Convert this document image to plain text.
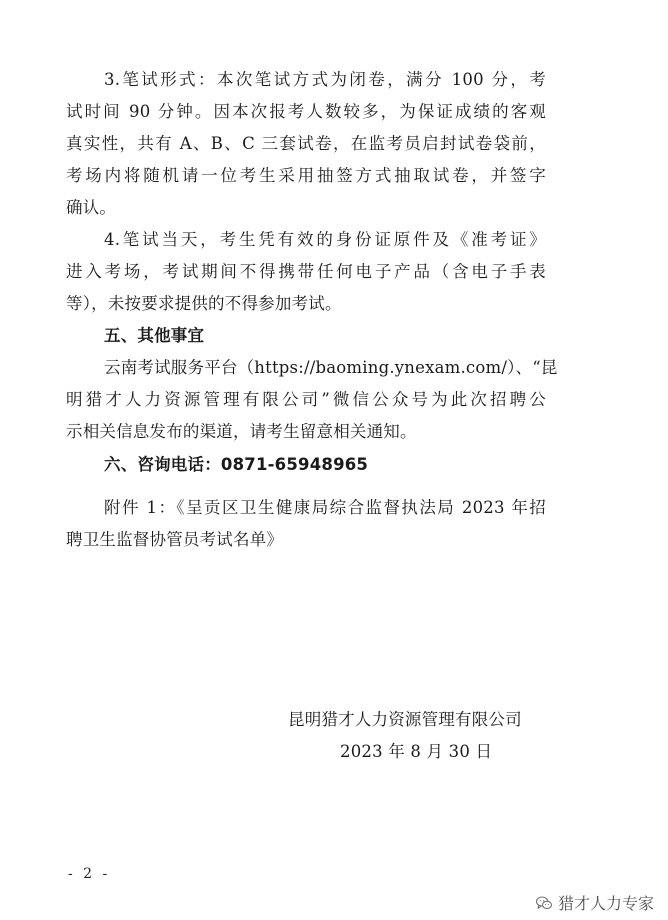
3.笔试形式：本次笔试方式为闭卷，满分 100 分，考
试时间 90 分钟。因本次报考人数较多，为保证成绩的客观
真实性，共有 A、B、C 三套试卷，在监考员启封试卷袋前，
考场内将随机请一位考生采用抽签方式抽取试卷，并签字
确认。
4.笔试当天，考生凭有效的身份证原件及《准考证》
进入考场，考试期间不得携带任何电子产品（含电子手表
等），未按要求提供的不得参加考试。
五、其他事宜
云南考试服务平台（https://baoming.ynexam.com/）、“昆
明猎才人力资源管理有限公司”微信公众号为此次招聘公
示相关信息发布的渠道，请考生留意相关通知。
六、咨询电话：0871-65948965
附件 1：《呈贡区卫生健康局综合监督执法局 2023 年招
聘卫生监督协管员考试名单》
昆明猎才人力资源管理有限公司
2023 年 8 月 30 日
- 2 -
猎才人力专家
